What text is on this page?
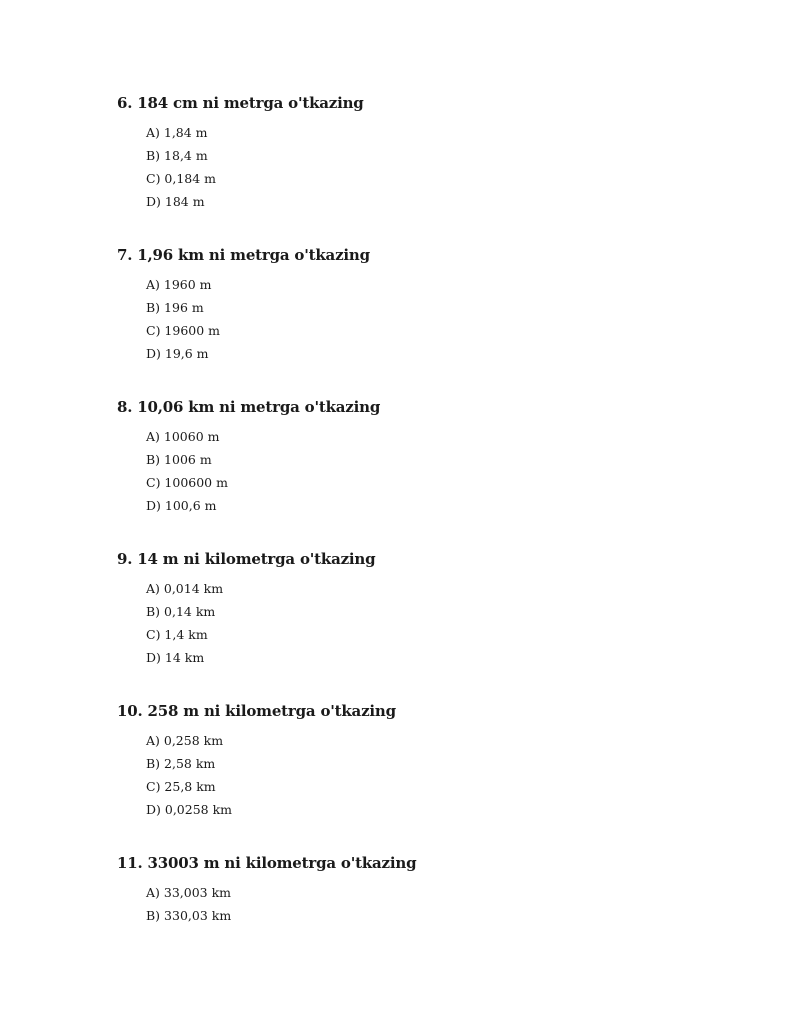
6. 184 cm ni metrga o'tkazing

A) 1,84 m
B) 18,4 m
C) 0,184 m
D) 184 m

7. 1,96 km ni metrga o'tkazing

A) 1960 m
B) 196 m
C) 19600 m
D) 19,6 m

8. 10,06 km ni metrga o'tkazing

A) 10060 m
B) 1006 m
C) 100600 m
D) 100,6 m

9. 14 m ni kilometrga o'tkazing

A) 0,014 km
B) 0,14 km
C) 1,4 km
D) 14 km

10. 258 m ni kilometrga o'tkazing

A) 0,258 km
B) 2,58 km
C) 25,8 km
D) 0,0258 km

11. 33003 m ni kilometrga o'tkazing

A) 33,003 km
B) 330,03 km
